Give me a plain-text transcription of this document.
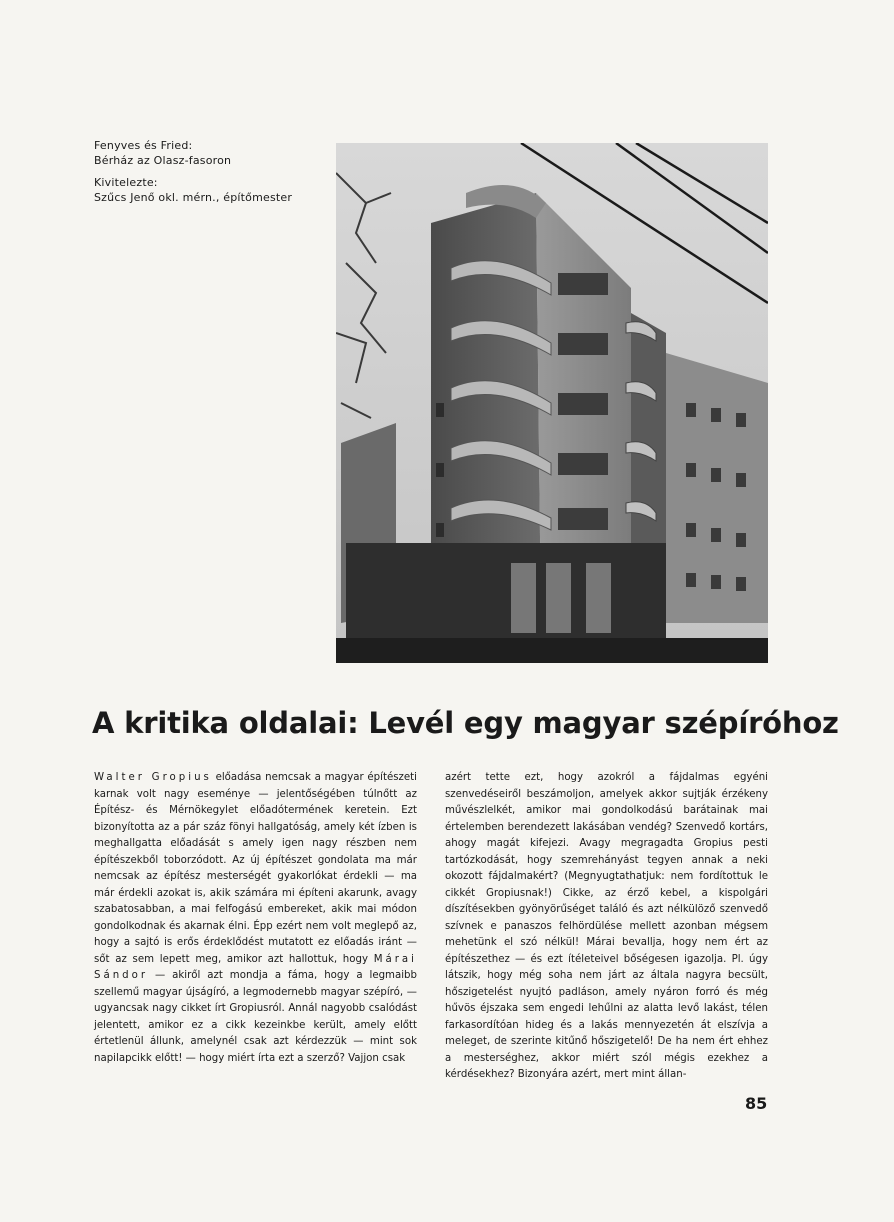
Fenyves és Fried:
Bérház az Olasz-fasoron
Kivitelezte:
Szűcs Jenő okl. mérn., építőmester
A kritika oldalai: Levél egy magyar szépíróhoz

Walter Gropius előadása nemcsak a magyar építészeti karnak volt nagy eseménye — jelentőségében túlnőtt az Építész- és Mérnökegylet előadótermének keretein. Ezt bizonyította az a pár száz fönyi hallgatóság, amely két ízben is meghallgatta előadását s amely igen nagy részben nem építészekből toborzódott. Az új építészet gondolata ma már nemcsak az építész mesterségét gyakorlókat érdekli — ma már érdekli azokat is, akik számára mi építeni akarunk, avagy szabatosabban, a mai felfogású embereket, akik mai módon gondolkodnak és akarnak élni. Épp ezért nem volt meglepő az, hogy a sajtó is erős érdeklődést mutatott ez előadás iránt — sőt az sem lepett meg, amikor azt hallottuk, hogy Márai Sándor — akiről azt mondja a fáma, hogy a legmaibb szellemű magyar újságíró, a legmodernebb magyar szépíró, — ugyancsak nagy cikket írt Gropiusról. Annál nagyobb csalódást jelentett, amikor ez a cikk kezeinkbe került, amely előtt értetlenül állunk, amelynél csak azt kérdezzük — mint sok napilapcikk előtt! — hogy miért írta ezt a szerző? Vajjon csak

azért tette ezt, hogy azokról a fájdalmas egyéni szenvedéseiről beszámoljon, amelyek akkor sujtják érzékeny művészlelkét, amikor mai gondolkodású barátainak mai értelemben berendezett lakásában vendég? Szenvedő kortárs, ahogy magát kifejezi. Avagy megragadta Gropius pesti tartózkodását, hogy szemrehányást tegyen annak a neki okozott fájdalmakért? (Megnyugtathatjuk: nem fordítottuk le cikkét Gropiusnak!) Cikke, az érző kebel, a kispolgári díszítésekben gyönyörűséget találó és azt nélkülöző szenvedő szívnek e panaszos felhördülése mellett azonban mégsem mehetünk el szó nélkül! Márai bevallja, hogy nem ért az építészethez — és ezt ítéleteivel bőségesen igazolja. Pl. úgy látszik, hogy még soha nem járt az általa nagyra becsült, hőszigetelést nyujtó padláson, amely nyáron forró és még hűvös éjszaka sem engedi lehűlni az alatta levő lakást, télen farkasordítóan hideg és a lakás mennyezetén át elszívja a meleget, de szerinte kitűnő hőszigetelő! De ha nem ért ehhez a mesterséghez, akkor miért szól mégis ezekhez a kérdésekhez? Bizonyára azért, mert mint állan-

85
